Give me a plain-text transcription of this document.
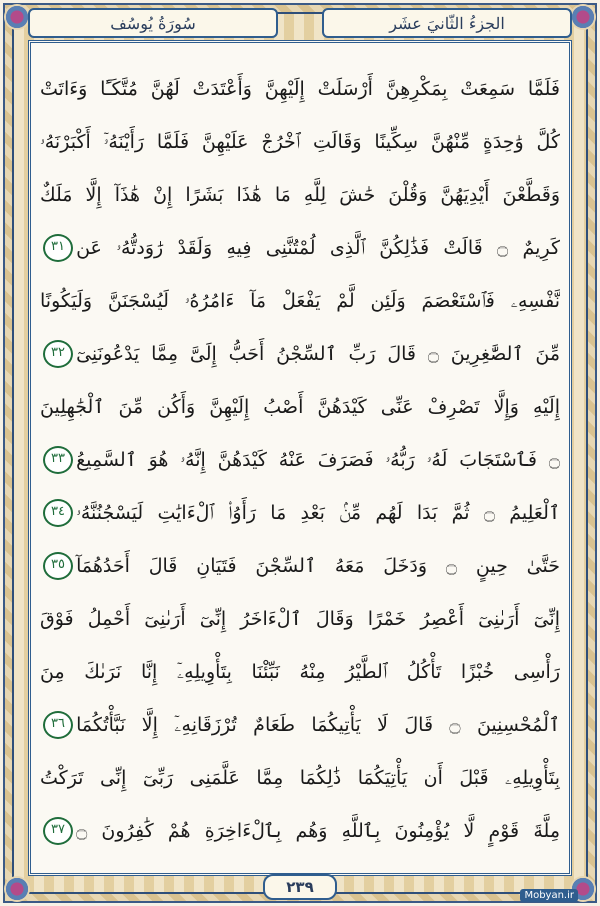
الجزءُ الثّانيَ عشَر
سُورَةُ يُوسُف
فَلَمَّا سَمِعَتْ بِمَكْرِهِنَّ أَرْسَلَتْ إِلَيْهِنَّ وَأَعْتَدَتْ لَهُنَّ مُتَّكَـًٔا وَءَاتَتْ
كُلَّ وَٰحِدَةٍ مِّنْهُنَّ سِكِّينًا وَقَالَتِ ٱخْرُجْ عَلَيْهِنَّ فَلَمَّا رَأَيْنَهُۥٓ أَكْبَرْنَهُۥ
وَقَطَّعْنَ أَيْدِيَهُنَّ وَقُلْنَ حَٰشَ لِلَّهِ مَا هَٰذَا بَشَرًا إِنْ هَٰذَآ إِلَّا مَلَكٌ
كَرِيمٌ ۝ قَالَتْ فَذَٰلِكُنَّ ٱلَّذِى لُمْتُنَّنِى فِيهِ وَلَقَدْ رَٰوَدتُّهُۥ عَن
٣١
نَّفْسِهِۦ فَٱسْتَعْصَمَ وَلَئِن لَّمْ يَفْعَلْ مَآ ءَامُرُهُۥ لَيُسْجَنَنَّ وَلَيَكُونًا
مِّنَ ٱلصَّٰغِرِينَ ۝ قَالَ رَبِّ ٱلسِّجْنُ أَحَبُّ إِلَىَّ مِمَّا يَدْعُونَنِىٓ
٣٢
إِلَيْهِ وَإِلَّا تَصْرِفْ عَنِّى كَيْدَهُنَّ أَصْبُ إِلَيْهِنَّ وَأَكُن مِّنَ ٱلْجَٰهِلِينَ
۝ فَٱسْتَجَابَ لَهُۥ رَبُّهُۥ فَصَرَفَ عَنْهُ كَيْدَهُنَّ إِنَّهُۥ هُوَ ٱلسَّمِيعُ
٣٣
ٱلْعَلِيمُ ۝ ثُمَّ بَدَا لَهُم مِّنۢ بَعْدِ مَا رَأَوُا۟ ٱلْءَايَٰتِ لَيَسْجُنُنَّهُۥ
٣٤
حَتَّىٰ حِينٍ ۝ وَدَخَلَ مَعَهُ ٱلسِّجْنَ فَتَيَانِ قَالَ أَحَدُهُمَآ
٣٥
إِنِّىٓ أَرَىٰنِىٓ أَعْصِرُ خَمْرًا وَقَالَ ٱلْءَاخَرُ إِنِّىٓ أَرَىٰنِىٓ أَحْمِلُ فَوْقَ
رَأْسِى خُبْزًا تَأْكُلُ ٱلطَّيْرُ مِنْهُ نَبِّئْنَا بِتَأْوِيلِهِۦٓ إِنَّا نَرَىٰكَ مِنَ
ٱلْمُحْسِنِينَ ۝ قَالَ لَا يَأْتِيكُمَا طَعَامٌ تُرْزَقَانِهِۦٓ إِلَّا نَبَّأْتُكُمَا
٣٦
بِتَأْوِيلِهِۦ قَبْلَ أَن يَأْتِيَكُمَا ذَٰلِكُمَا مِمَّا عَلَّمَنِى رَبِّىٓ إِنِّى تَرَكْتُ
مِلَّةَ قَوْمٍ لَّا يُؤْمِنُونَ بِٱللَّهِ وَهُم بِٱلْءَاخِرَةِ هُمْ كَٰفِرُونَ ۝
٣٧
٢٣٩	Mobyan.ir
